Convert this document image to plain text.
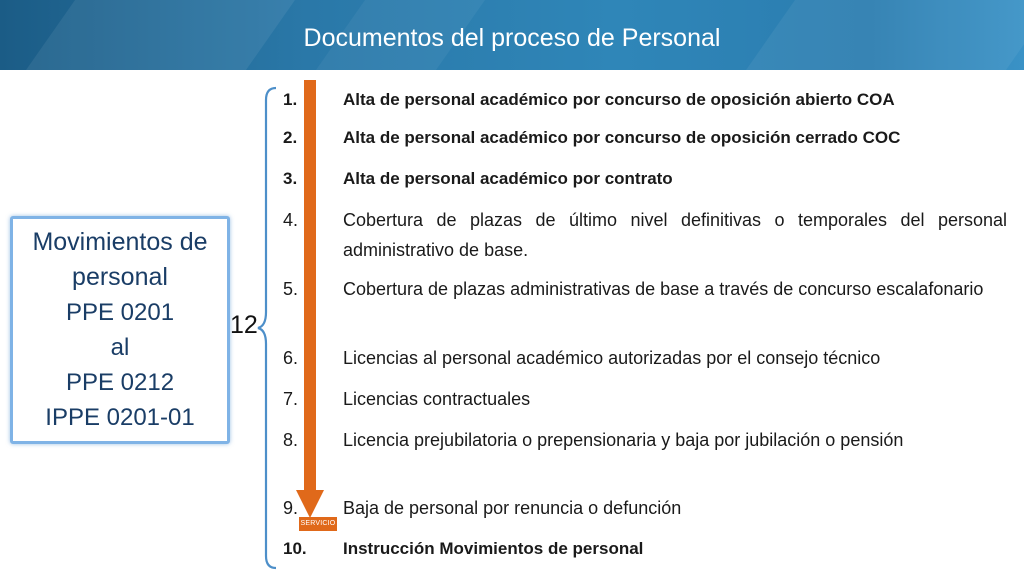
Documentos del proceso de Personal
Movimientos de
personal
PPE 0201
al
PPE 0212
IPPE 0201-01
12
SERVICIO
1.	Alta de personal académico por concurso de oposición abierto COA
2.	Alta de personal académico por concurso de oposición cerrado COC
3.	Alta de personal académico por contrato
4. Cobertura de plazas de último nivel definitivas o temporales del personal administrativo de base.
5. Cobertura de plazas administrativas de base a través de concurso escalafonario
6. Licencias al personal académico autorizadas por el consejo técnico
7. Licencias contractuales
8. Licencia prejubilatoria o prepensionaria y baja por jubilación o pensión
9. Baja de personal por renuncia o defunción
10. Instrucción Movimientos de personal
